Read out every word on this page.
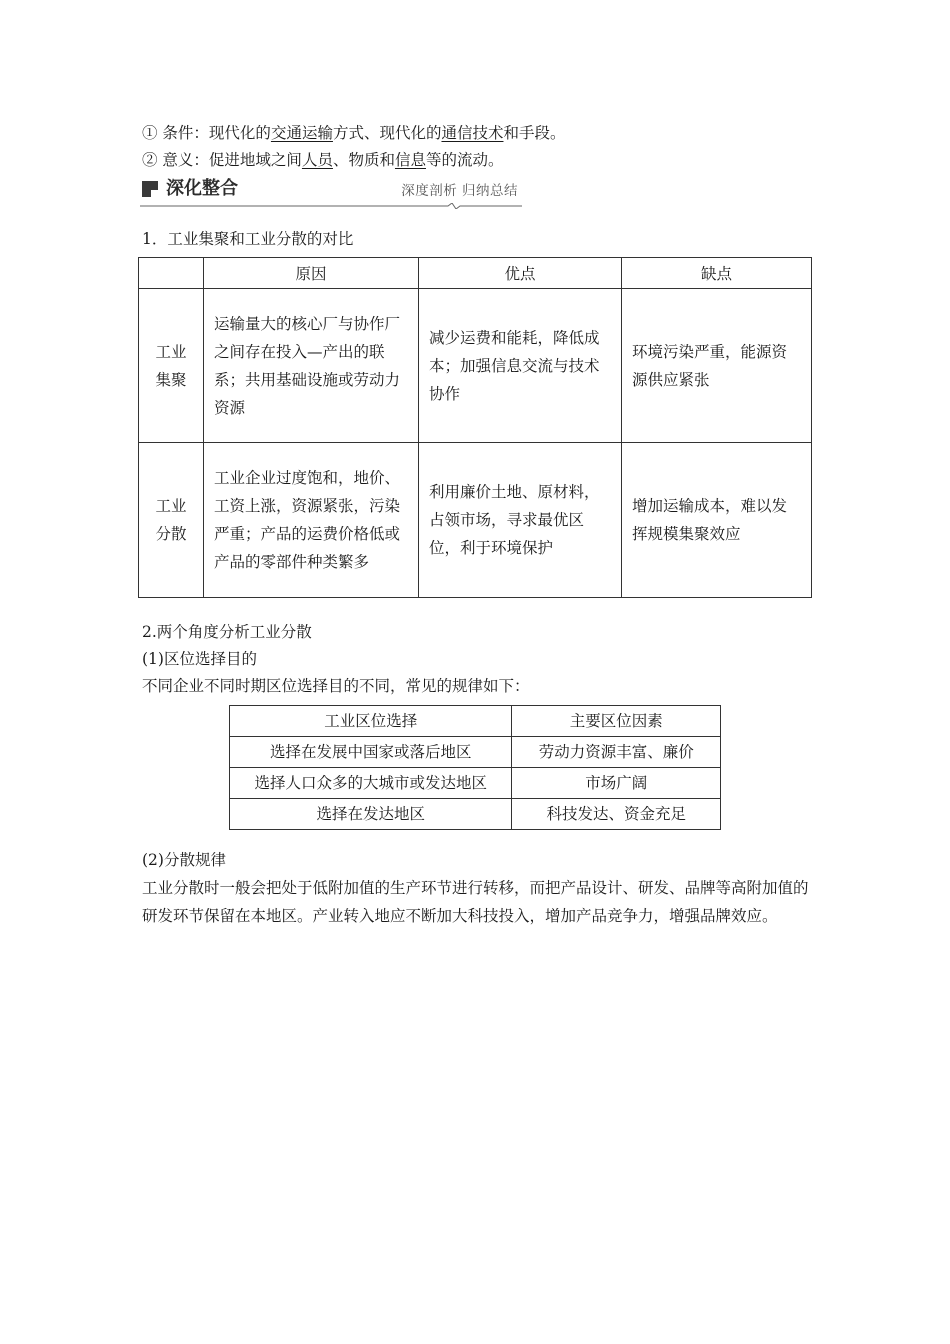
① 条件：现代化的交通运输方式、现代化的通信技术和手段。
② 意义：促进地域之间人员、物质和信息等的流动。
深化整合	深度剖析 归纳总结
1．工业集聚和工业分散的对比
	原因	优点	缺点
工业
集聚	运输量大的核心厂与协作厂之间存在投入—产出的联系；共用基础设施或劳动力资源	减少运费和能耗，降低成本；加强信息交流与技术协作	环境污染严重，能源资源供应紧张
工业
分散	工业企业过度饱和，地价、工资上涨，资源紧张，污染严重；产品的运费价格低或产品的零部件种类繁多	利用廉价土地、原材料，占领市场，寻求最优区位，利于环境保护	增加运输成本，难以发挥规模集聚效应
2.两个角度分析工业分散
(1)区位选择目的
不同企业不同时期区位选择目的不同，常见的规律如下：
工业区位选择	主要区位因素
选择在发展中国家或落后地区	劳动力资源丰富、廉价
选择人口众多的大城市或发达地区	市场广阔
选择在发达地区	科技发达、资金充足
(2)分散规律
工业分散时一般会把处于低附加值的生产环节进行转移，而把产品设计、研发、品牌等高附加值的研发环节保留在本地区。产业转入地应不断加大科技投入，增加产品竞争力，增强品牌效应。
